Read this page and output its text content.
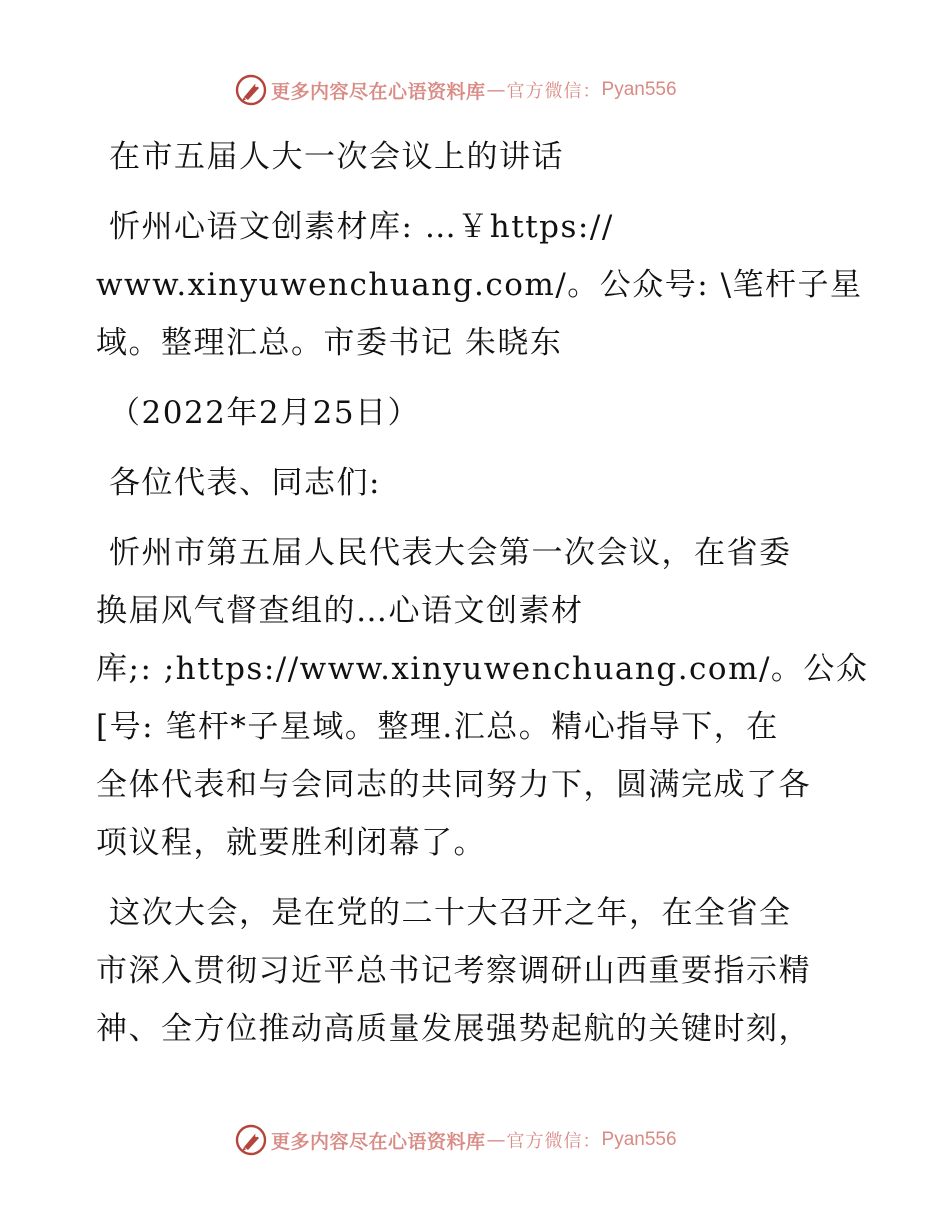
更多内容尽在心语资料库 — 官方微信： Pyan556
在市五届人大一次会议上的讲话
忻州心语文创素材库: …￥https://
www.xinyuwenchuang.com/。公众号: \笔杆子星
域。整理汇总。市委书记 朱晓东
（2022年2月25日）
各位代表、同志们:
忻州市第五届人民代表大会第一次会议，在省委
换届风气督查组的…心语文创素材
库;: ;https://www.xinyuwenchuang.com/。公众
[号: 笔杆*子星域。整理.汇总。精心指导下，在
全体代表和与会同志的共同努力下，圆满完成了各
项议程，就要胜利闭幕了。
这次大会，是在党的二十大召开之年，在全省全
市深入贯彻习近平总书记考察调研山西重要指示精
神、全方位推动高质量发展强势起航的关键时刻，
更多内容尽在心语资料库 — 官方微信： Pyan556
